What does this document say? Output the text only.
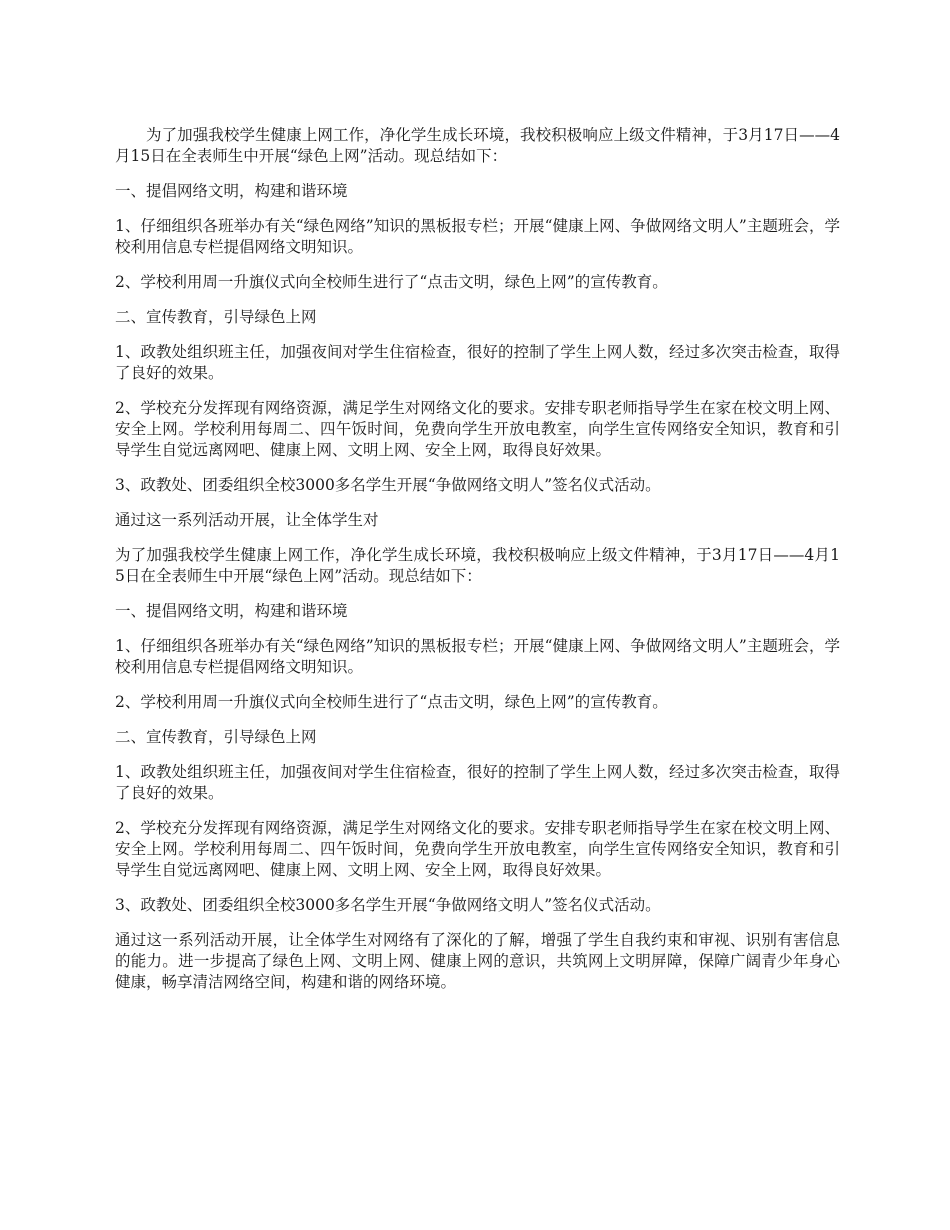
为了加强我校学生健康上网工作，净化学生成长环境，我校积极响应上级文件精神，于3月17日——4月15日在全表师生中开展“绿色上网”活动。现总结如下：

一、提倡网络文明，构建和谐环境

1、仔细组织各班举办有关“绿色网络”知识的黑板报专栏；开展“健康上网、争做网络文明人”主题班会，学校利用信息专栏提倡网络文明知识。

2、学校利用周一升旗仪式向全校师生进行了“点击文明，绿色上网”的宣传教育。

二、宣传教育，引导绿色上网

1、政教处组织班主任，加强夜间对学生住宿检查，很好的控制了学生上网人数，经过多次突击检查，取得了良好的效果。

2、学校充分发挥现有网络资源，满足学生对网络文化的要求。安排专职老师指导学生在家在校文明上网、安全上网。学校利用每周二、四午饭时间，免费向学生开放电教室，向学生宣传网络安全知识，教育和引导学生自觉远离网吧、健康上网、文明上网、安全上网，取得良好效果。

3、政教处、团委组织全校3000多名学生开展“争做网络文明人”签名仪式活动。

通过这一系列活动开展，让全体学生对

为了加强我校学生健康上网工作，净化学生成长环境，我校积极响应上级文件精神，于3月17日——4月15日在全表师生中开展“绿色上网”活动。现总结如下：

一、提倡网络文明，构建和谐环境

1、仔细组织各班举办有关“绿色网络”知识的黑板报专栏；开展“健康上网、争做网络文明人”主题班会，学校利用信息专栏提倡网络文明知识。

2、学校利用周一升旗仪式向全校师生进行了“点击文明，绿色上网”的宣传教育。

二、宣传教育，引导绿色上网

1、政教处组织班主任，加强夜间对学生住宿检查，很好的控制了学生上网人数，经过多次突击检查，取得了良好的效果。

2、学校充分发挥现有网络资源，满足学生对网络文化的要求。安排专职老师指导学生在家在校文明上网、安全上网。学校利用每周二、四午饭时间，免费向学生开放电教室，向学生宣传网络安全知识，教育和引导学生自觉远离网吧、健康上网、文明上网、安全上网，取得良好效果。

3、政教处、团委组织全校3000多名学生开展“争做网络文明人”签名仪式活动。

通过这一系列活动开展，让全体学生对网络有了深化的了解，增强了学生自我约束和审视、识别有害信息的能力。进一步提高了绿色上网、文明上网、健康上网的意识，共筑网上文明屏障，保障广阔青少年身心健康，畅享清洁网络空间，构建和谐的网络环境。
